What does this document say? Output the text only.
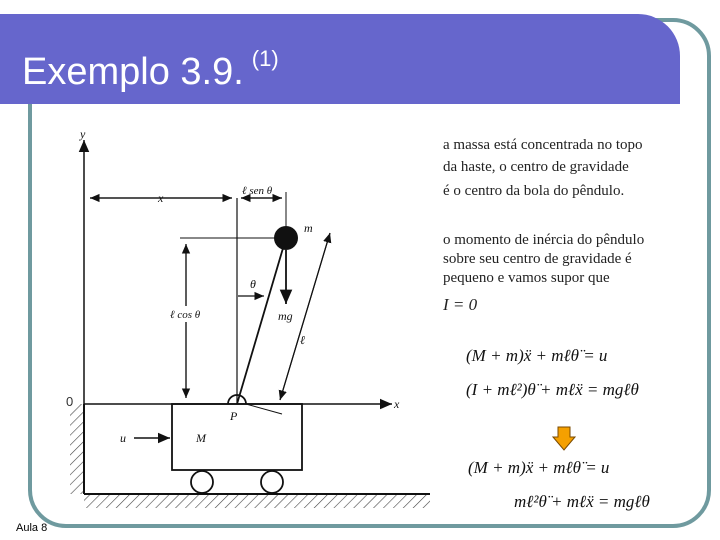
Exemplo 3.9. $^{(1)}$
y
x
M
u
P
m
mg
x	ℓ sen θ
ℓ cos θ
θ
ℓ
0
a massa está concentrada no topo
da haste, o centro de gravidade
é o centro da bola do pêndulo.
o momento de inércia do pêndulo
sobre seu centro de gravidade é
pequeno e vamos supor que
I = 0
(M + m)ẍ + mℓθ̈ = u
(I + mℓ²)θ̈ + mℓẍ = mgℓθ
(M + m)ẍ + mℓθ̈ = u
mℓ²θ̈ + mℓẍ = mgℓθ
Aula 8
